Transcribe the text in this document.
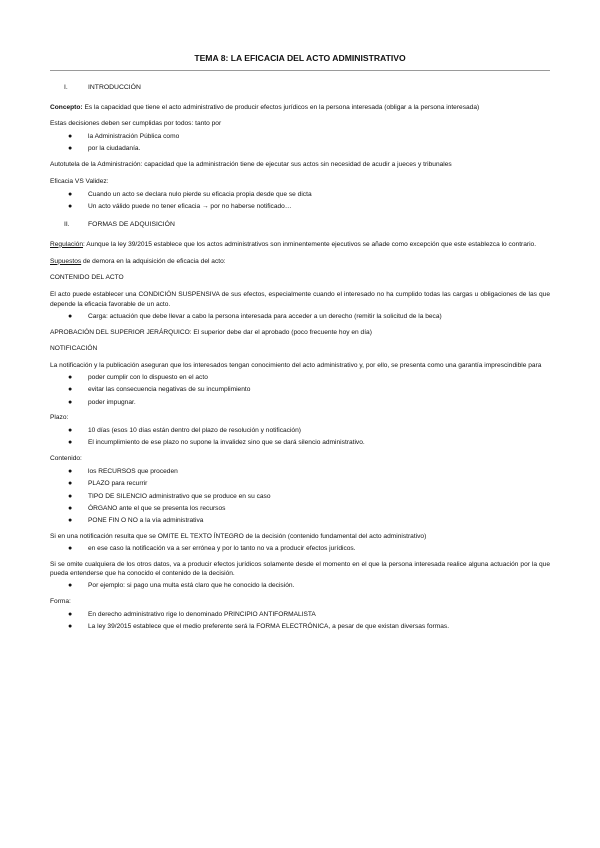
TEMA 8: LA EFICACIA DEL ACTO ADMINISTRATIVO
I.	INTRODUCCIÓN

Concepto: Es la capacidad que tiene el acto administrativo de producir efectos jurídicos en la persona interesada (obligar a la persona interesada)

Estas decisiones deben ser cumplidas por todos: tanto por
● la Administración Pública como
● por la ciudadanía.

Autotutela de la Administración: capacidad que la administración tiene de ejecutar sus actos sin necesidad de acudir a jueces y tribunales

Eficacia VS Validez:
● Cuando un acto se declara nulo pierde su eficacia propia desde que se dicta
● Un acto válido puede no tener eficacia → por no haberse notificado…
II.	FORMAS DE ADQUISICIÓN

Regulación: Aunque la ley 39/2015 establece que los actos administrativos son inminentemente ejecutivos se añade como excepción que este establezca lo contrario.

Supuestos de demora en la adquisición de eficacia del acto:

CONTENIDO DEL ACTO

El acto puede establecer una CONDICIÓN SUSPENSIVA de sus efectos, especialmente cuando el interesado no ha cumplido todas las cargas u obligaciones de las que depende la eficacia favorable de un acto.

● Carga: actuación que debe llevar a cabo la persona interesada para acceder a un derecho (remitir la solicitud de la beca)

APROBACIÓN DEL SUPERIOR JERÁRQUICO: El superior debe dar el aprobado (poco frecuente hoy en día)

NOTIFICACIÓN

La notificación y la publicación aseguran que los interesados tengan conocimiento del acto administrativo y, por ello, se presenta como una garantía imprescindible para

● poder cumplir con lo dispuesto en el acto
● evitar las consecuencia negativas de su incumplimiento
● poder impugnar.
Plazo:
● 10 días (esos 10 días están dentro del plazo de resolución y notificación)
● El incumplimiento de ese plazo no supone la invalidez sino que se dará silencio administrativo.
Contenido:
● los RECURSOS que proceden
● PLAZO para recurrir
● TIPO DE SILENCIO administrativo que se produce en su caso
● ÓRGANO ante el que se presenta los recursos
● PONE FIN O NO a la vía administrativa

Si en una notificación resulta que se OMITE EL TEXTO ÍNTEGRO de la decisión (contenido fundamental del acto administrativo)

● en ese caso la notificación va a ser errónea y por lo tanto no va a producir efectos jurídicos.

Si se omite cualquiera de los otros datos, va a producir efectos jurídicos solamente desde el momento en el que la persona interesada realice alguna actuación por la que pueda entenderse que ha conocido el contenido de la decisión.

● Por ejemplo: si pago una multa está claro que he conocido la decisión.
Forma:
● En derecho administrativo rige lo denominado PRINCIPIO ANTIFORMALISTA
● La ley 39/2015 establece que el medio preferente será la FORMA ELECTRÓNICA, a pesar de que existan diversas formas.
